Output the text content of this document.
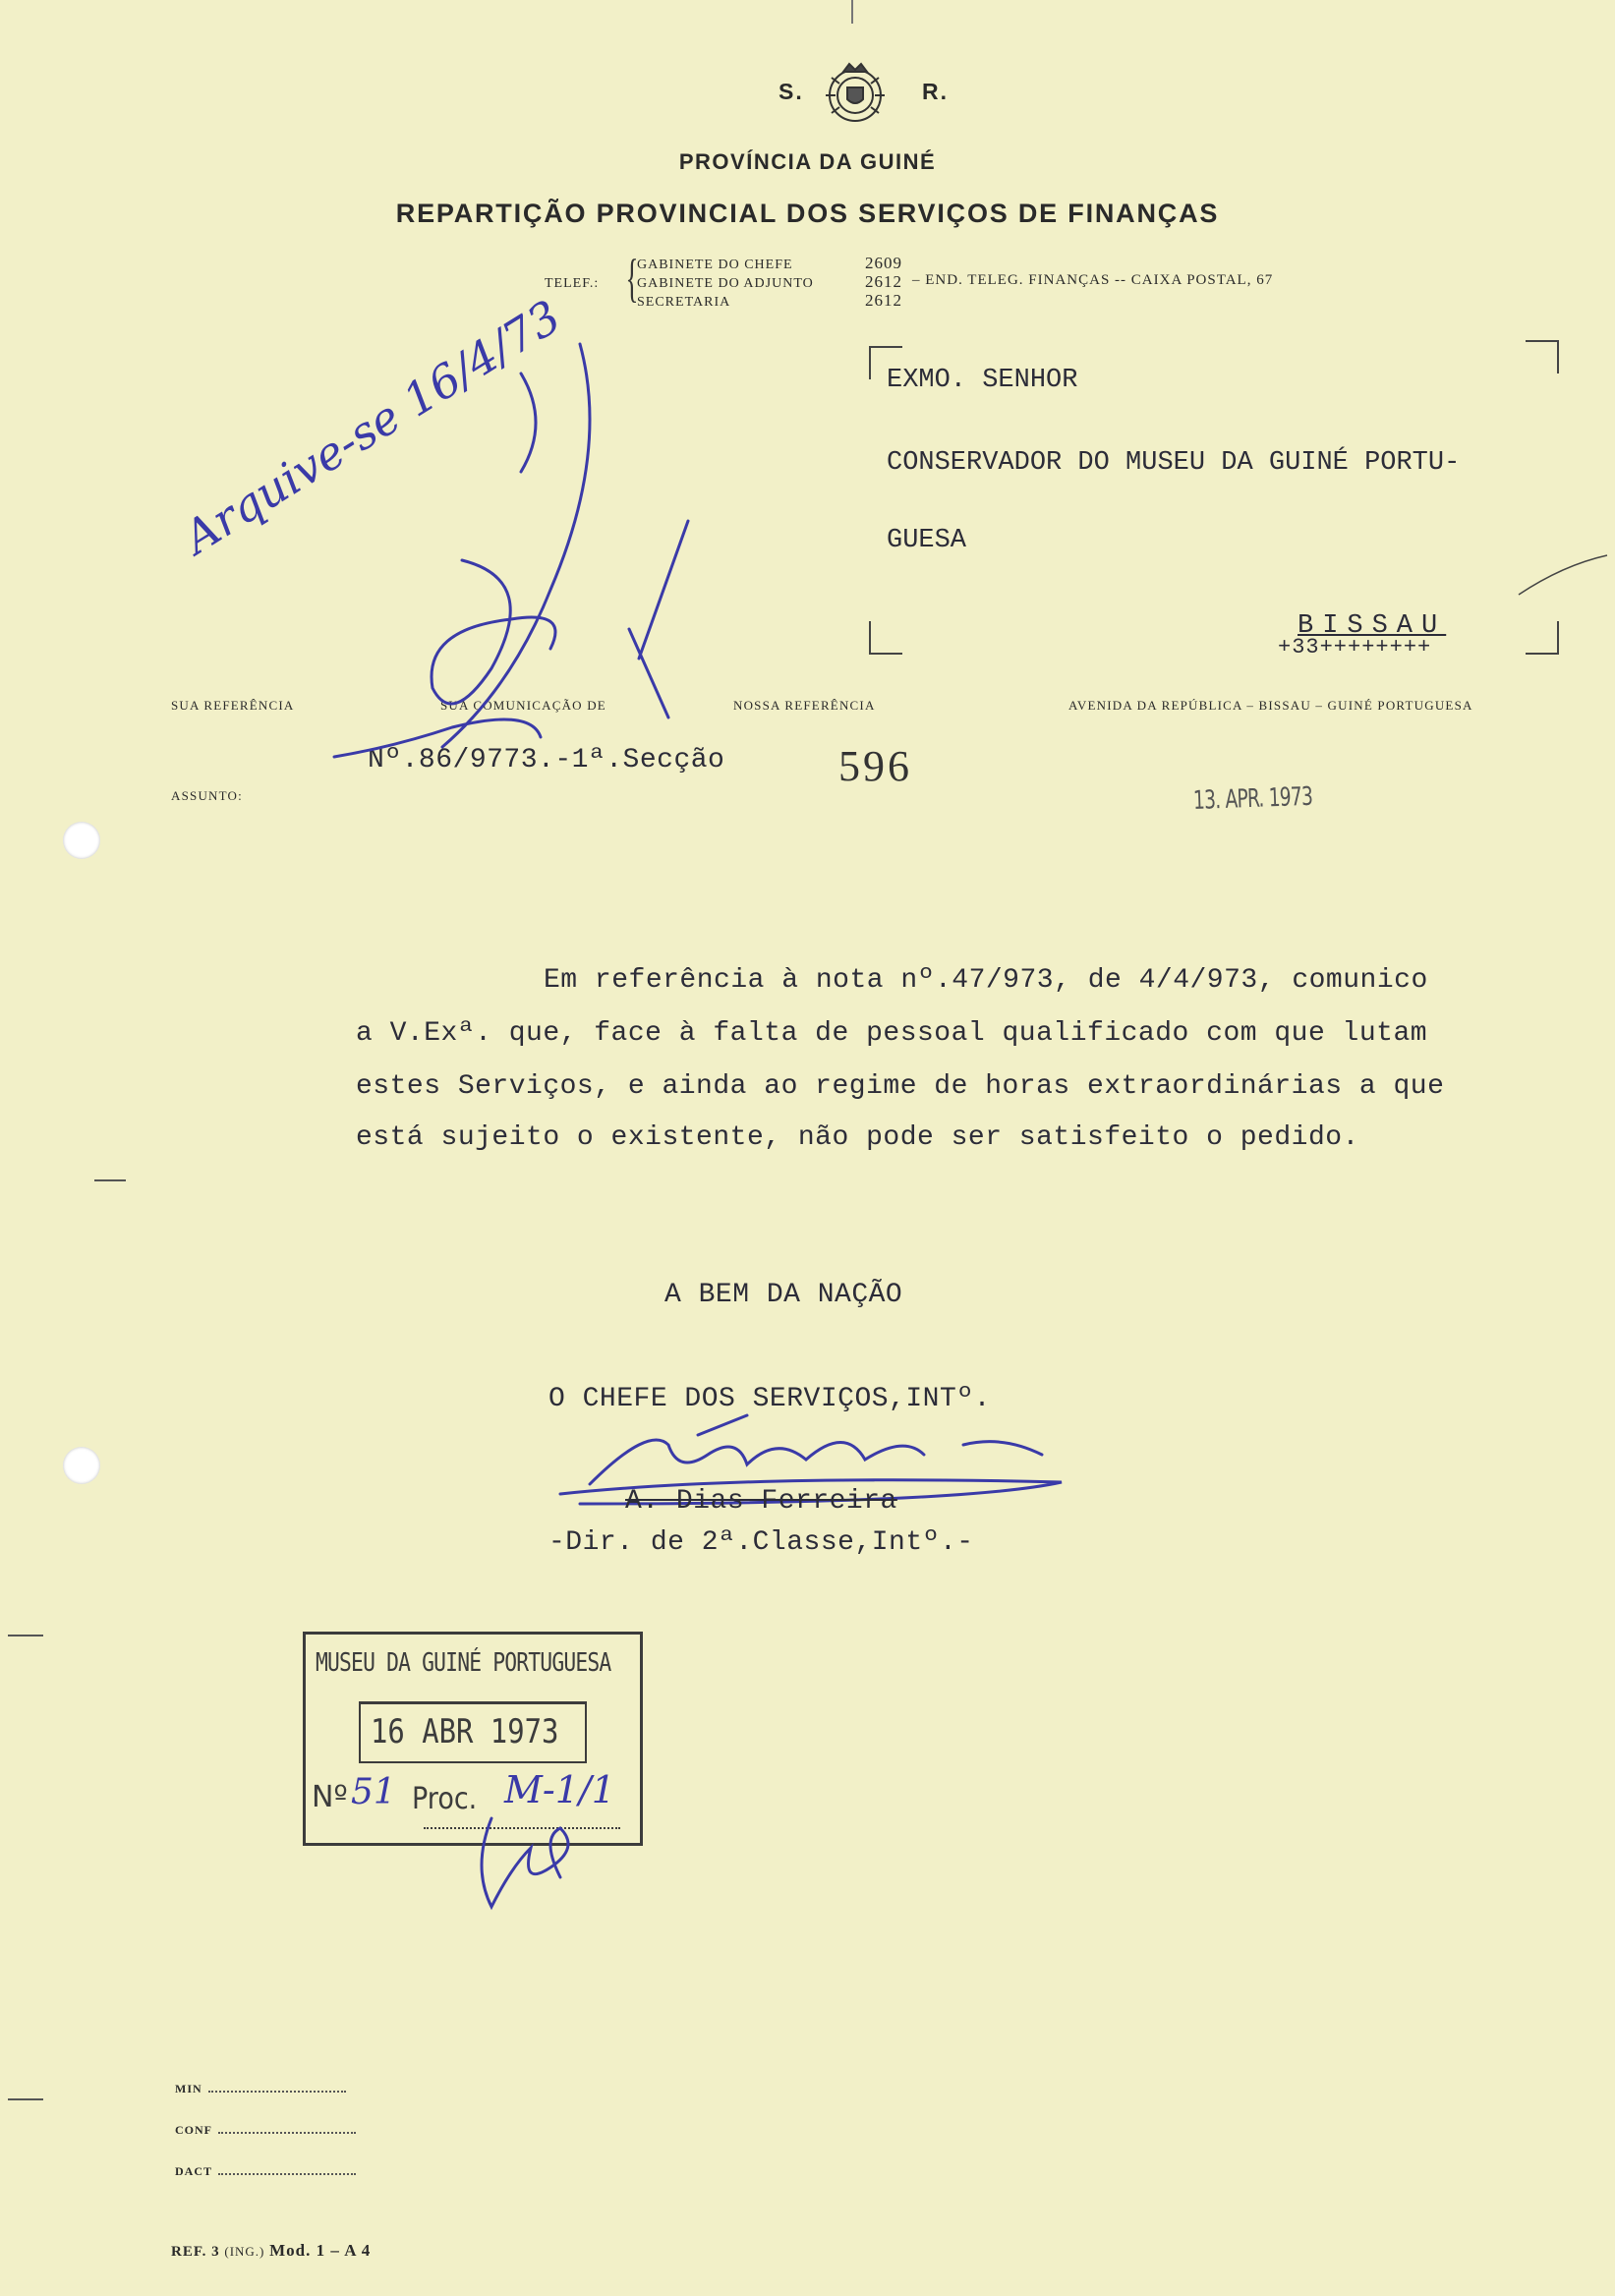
S.	R.
PROVÍNCIA DA GUINÉ
REPARTIÇÃO PROVINCIAL DOS SERVIÇOS DE FINANÇAS
TELEF.: {
GABINETE DO CHEFE	2609
GABINETE DO ADJUNTO	2612 – END. TELEG. FINANÇAS -- CAIXA POSTAL, 67
SECRETARIA	2612
EXMO. SENHOR
CONSERVADOR DO MUSEU DA GUINÉ PORTU-
GUESA
BISSAU
+33++++++++
SUA REFERÊNCIA	SUA COMUNICAÇÃO DE	NOSSA REFERÊNCIA	AVENIDA DA REPÚBLICA – BISSAU – GUINÉ PORTUGUESA
ASSUNTO:
Nº.86/9773.-1ª.Secção	596
13. APR. 1973
Arquive-se 16/4/73
Em referência à nota nº.47/973, de 4/4/973, comunico
a V.Exª. que, face à falta de pessoal qualificado com que lutam
estes Serviços, e ainda ao regime de horas extraordinárias a que
está sujeito o existente, não pode ser satisfeito o pedido.
A BEM DA NAÇÃO
O CHEFE DOS SERVIÇOS,INTº.
A. Dias Ferreira
-Dir. de 2ª.Classe,Intº.-
MUSEU DA GUINÉ PORTUGUESA
16 ABR 1973
Nº 51 Proc. M-1/1
MIN
CONF
DACT
REF. 3 (ING.) Mod. 1 – A 4
